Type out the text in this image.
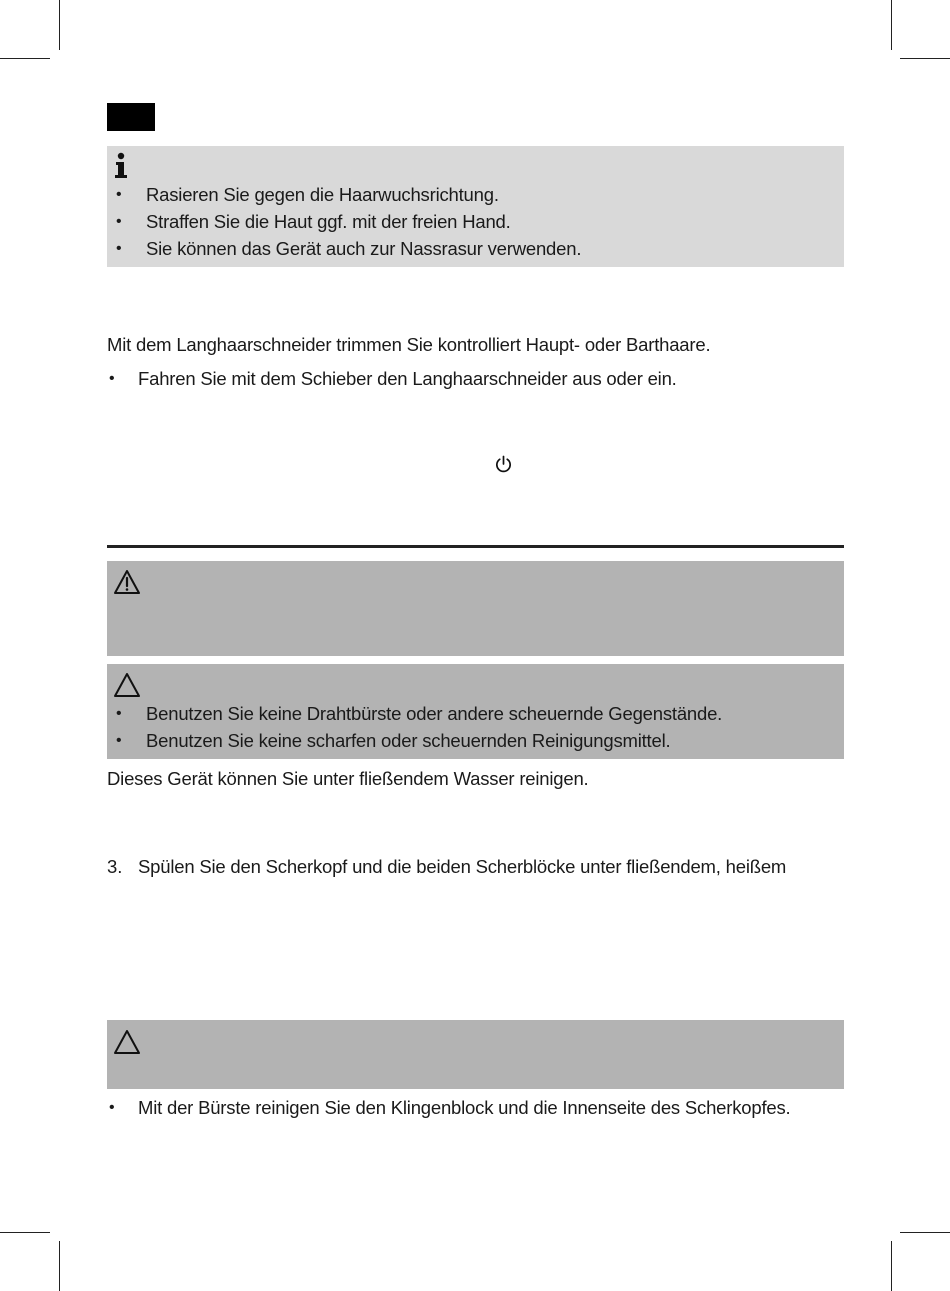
• Rasieren Sie gegen die Haarwuchsrichtung.
• Straffen Sie die Haut ggf. mit der freien Hand.
• Sie können das Gerät auch zur Nassrasur verwenden.
Mit dem Langhaarschneider trimmen Sie kontrolliert Haupt- oder Barthaare.
• Fahren Sie mit dem Schieber den Langhaarschneider aus oder ein.
• Benutzen Sie keine Drahtbürste oder andere scheuernde Gegenstände.
• Benutzen Sie keine scharfen oder scheuernden Reinigungsmittel.
Dieses Gerät können Sie unter fließendem Wasser reinigen.
3. Spülen Sie den Scherkopf und die beiden Scherblöcke unter fließendem, heißem
• Mit der Bürste reinigen Sie den Klingenblock und die Innenseite des Scherkopfes.
